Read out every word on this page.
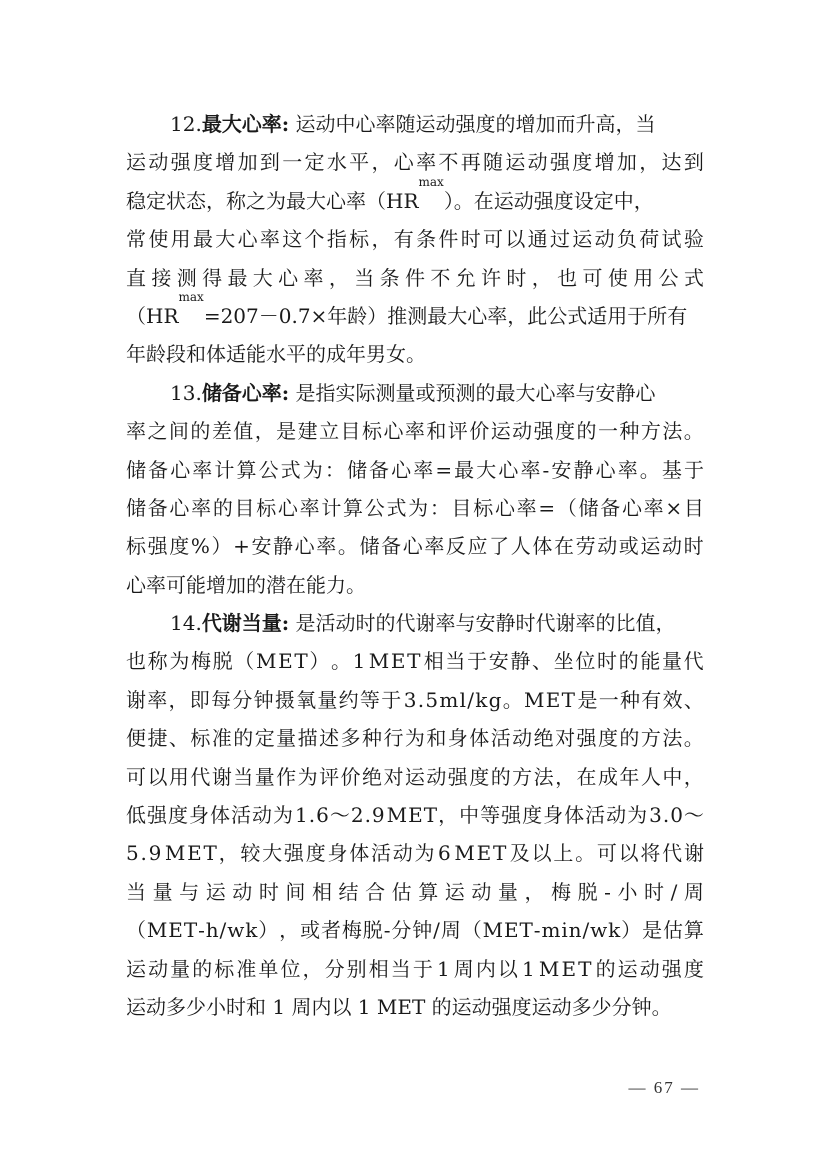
12. 最大心率: 运动中心率随运动强度的增加而升高，当
运 动 强 度 增 加 到 一 定 水 平 ， 心 率 不 再 随 运 动 强 度 增 加 ， 达 到
稳定状态，称之为最大心率（HR
max
）。在运动强度设定中，
常 使 用 最 大 心 率 这 个 指 标 ， 有 条 件 时 可 以 通 过 运 动 负 荷 试 验
直 接 测 得 最 大 心 率 ， 当 条 件 不 允 许 时 ， 也 可 使 用 公 式
（HR
max
=207－0.7×年龄）推测最大心率，此公式适用于所有
年龄段和体适能水平的成年男女。
13. 储备心率: 是指实际测量或预测的最大心率与安静心
率 之 间 的 差 值 ， 是 建 立 目 标 心 率 和 评 价 运 动 强 度 的 一 种 方 法 。
储 备 心 率 计 算 公 式 为 ： 储 备 心 率 = 最 大 心 率 - 安 静 心 率 。 基 于
储 备 心 率 的 目 标 心 率 计 算 公 式 为 ： 目 标 心 率 = （ 储 备 心 率 × 目
标 强 度 % ） + 安 静 心 率 。 储 备 心 率 反 应 了 人 体 在 劳 动 或 运 动 时
心率可能增加的潜在能力。
14. 代谢当量: 是活动时的代谢率与安静时代谢率的比值，
也 称 为 梅 脱 （ M E T ） 。 1 M E T 相 当 于 安 静 、 坐 位 时 的 能 量 代
谢 率 ， 即 每 分 钟 摄 氧 量 约 等 于 3 . 5 m l / k g 。 M E T 是 一 种 有 效 、
便 捷 、 标 准 的 定 量 描 述 多 种 行 为 和 身 体 活 动 绝 对 强 度 的 方 法 。
可 以 用 代 谢 当 量 作 为 评 价 绝 对 运 动 强 度 的 方 法 ， 在 成 年 人 中 ，
低 强 度 身 体 活 动 为 1 . 6 ～ 2 . 9 M E T ， 中 等 强 度 身 体 活 动 为 3 . 0 ～
5 . 9 M E T ， 较 大 强 度 身 体 活 动 为 6 M E T 及 以 上 。 可 以 将 代 谢
当 量 与 运 动 时 间 相 结 合 估 算 运 动 量 ， 梅 脱 - 小 时 / 周
（ M E T - h / w k ） ， 或 者 梅 脱 - 分 钟 / 周 （ M E T - m i n / w k ） 是 估 算
运 动 量 的 标 准 单 位 ， 分 别 相 当 于 1 周 内 以 1 M E T 的 运 动 强 度
运动多少小时和 1 周内以 1 MET 的运动强度运动多少分钟。
— 67 —
